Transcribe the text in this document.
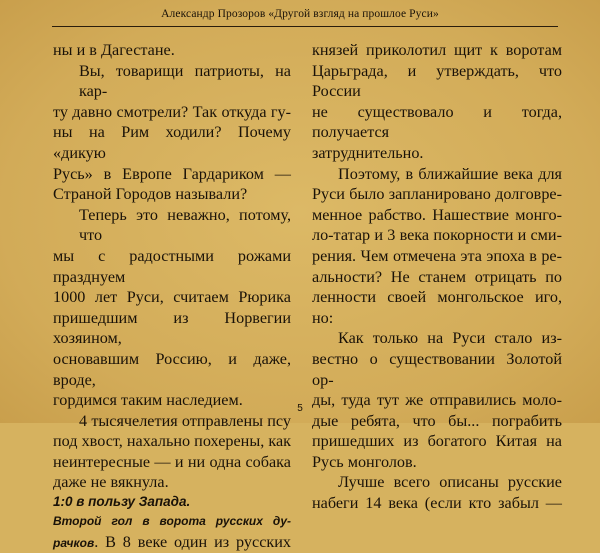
Александр Прозоров «Другой взгляд на прошлое Руси»

ны и в Дагестане.

Вы, товарищи патриоты, на кар-

ту давно смотрели? Так откуда гу-

ны на Рим ходили? Почему «дикую

Русь» в Европе Гардариком —

Страной Городов называли?

Теперь это неважно, потому, что

мы с радостными рожами празднуем

1000 лет Руси, считаем Рюрика

пришедшим из Норвегии хозяином,

основавшим Россию, и даже, вроде,

гордимся таким наследием.

4 тысячелетия отправлены псу

под хвост, нахально похерены, как

неинтересные — и ни одна собака

даже не вякнула.

1:0 в пользу Запада.

Второй гол в ворота русских ду-

рачков. В 8 веке один из русских

князей приколотил щит к воротам

Царьграда, и утверждать, что России

не существовало и тогда, получается

затруднительно.

Поэтому, в ближайшие века для

Руси было запланировано долговре-

менное рабство. Нашествие монго-

ло-татар и 3 века покорности и сми-

рения. Чем отмечена эта эпоха в ре-

альности? Не станем отрицать по

ленности своей монгольское иго, но:

Как только на Руси стало из-

вестно о существовании Золотой ор-

ды, туда тут же отправились моло-

дые ребята, что бы... пограбить

пришедших из богатого Китая на

Русь монголов.

Лучше всего описаны русские

набеги 14 века (если кто забыл —

5
